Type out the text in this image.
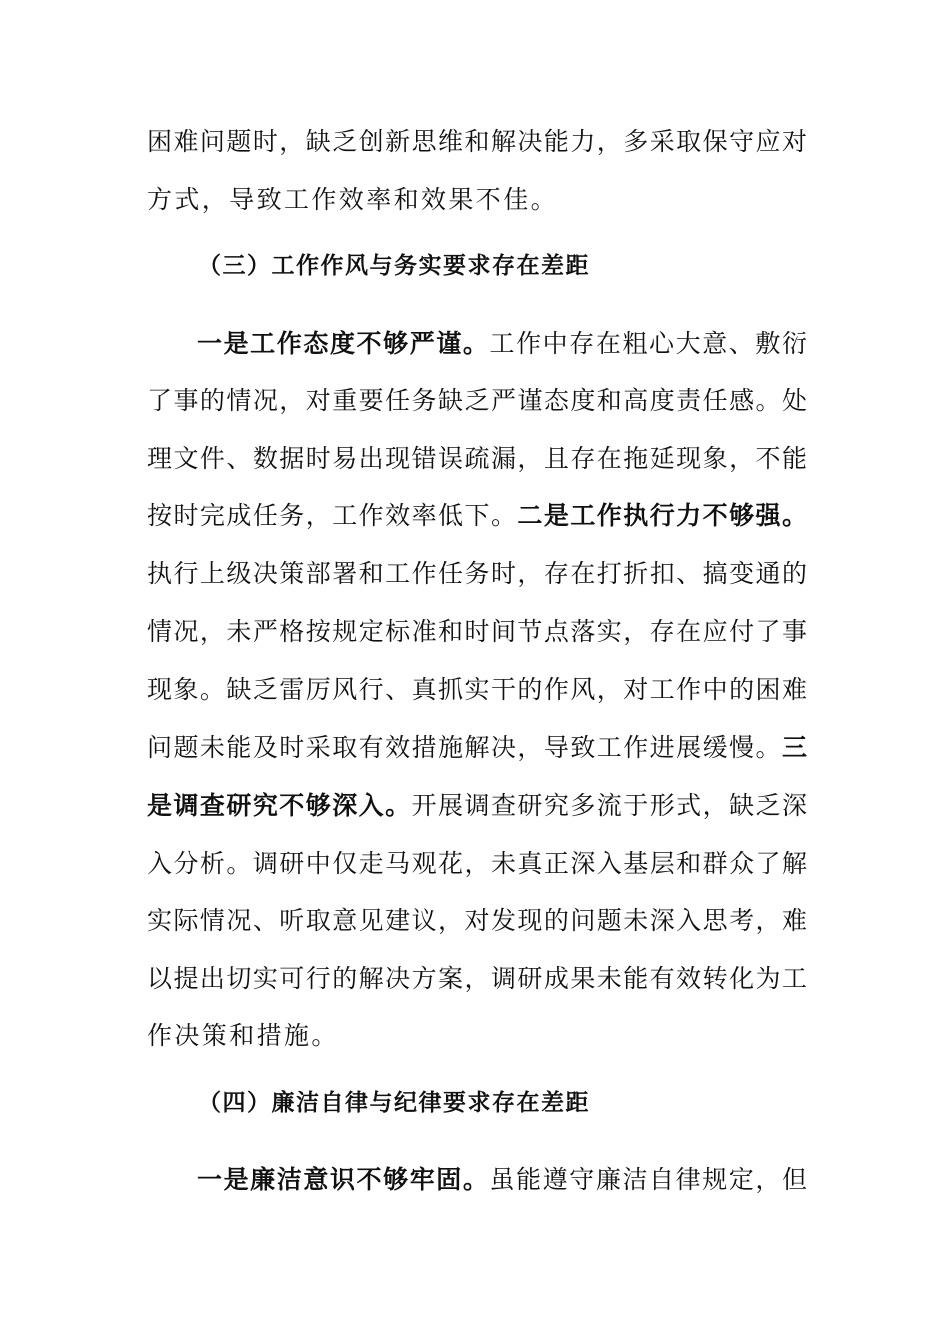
困难问题时，缺乏创新思维和解决能力，多采取保守应对
方式，导致工作效率和效果不佳。
（三）工作作风与务实要求存在差距
一是工作态度不够严谨。工作中存在粗心大意、敷衍
了事的情况，对重要任务缺乏严谨态度和高度责任感。处
理文件、数据时易出现错误疏漏，且存在拖延现象，不能
按时完成任务，工作效率低下。二是工作执行力不够强。
执行上级决策部署和工作任务时，存在打折扣、搞变通的
情况，未严格按规定标准和时间节点落实，存在应付了事
现象。缺乏雷厉风行、真抓实干的作风，对工作中的困难
问题未能及时采取有效措施解决，导致工作进展缓慢。三
是调查研究不够深入。开展调查研究多流于形式，缺乏深
入分析。调研中仅走马观花，未真正深入基层和群众了解
实际情况、听取意见建议，对发现的问题未深入思考，难
以提出切实可行的解决方案，调研成果未能有效转化为工
作决策和措施。
（四）廉洁自律与纪律要求存在差距
一是廉洁意识不够牢固。虽能遵守廉洁自律规定，但
